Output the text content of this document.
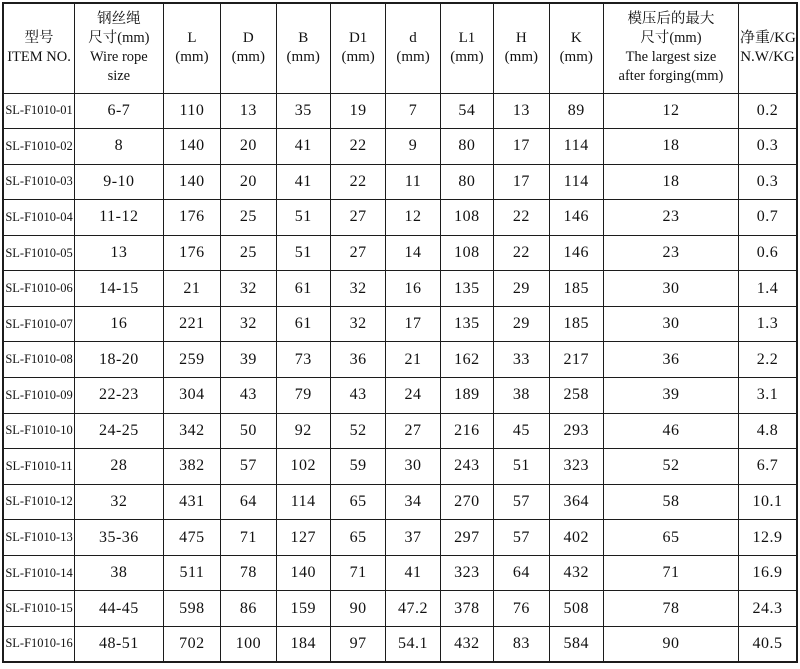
型号
ITEM NO.

钢丝绳
尺寸(mm)
Wire rope
size

L
(mm)

D
(mm)

B
(mm)

D1
(mm)

d
(mm)

L1
(mm)

H
(mm)

K
(mm)

模压后的最大
尺寸(mm)
The largest size
after forging(mm)

净重/KG
N.W/KG

SL-F1010-01	6-7	110	13	35	19	7	54	13	89	12	0.2
SL-F1010-02	8	140	20	41	22	9	80	17	114	18	0.3
SL-F1010-03	9-10	140	20	41	22	11	80	17	114	18	0.3
SL-F1010-04	11-12	176	25	51	27	12	108	22	146	23	0.7
SL-F1010-05	13	176	25	51	27	14	108	22	146	23	0.6
SL-F1010-06	14-15	21	32	61	32	16	135	29	185	30	1.4
SL-F1010-07	16	221	32	61	32	17	135	29	185	30	1.3
SL-F1010-08	18-20	259	39	73	36	21	162	33	217	36	2.2
SL-F1010-09	22-23	304	43	79	43	24	189	38	258	39	3.1
SL-F1010-10	24-25	342	50	92	52	27	216	45	293	46	4.8
SL-F1010-11	28	382	57	102	59	30	243	51	323	52	6.7
SL-F1010-12	32	431	64	114	65	34	270	57	364	58	10.1
SL-F1010-13	35-36	475	71	127	65	37	297	57	402	65	12.9
SL-F1010-14	38	511	78	140	71	41	323	64	432	71	16.9
SL-F1010-15	44-45	598	86	159	90	47.2	378	76	508	78	24.3
SL-F1010-16	48-51	702	100	184	97	54.1	432	83	584	90	40.5
